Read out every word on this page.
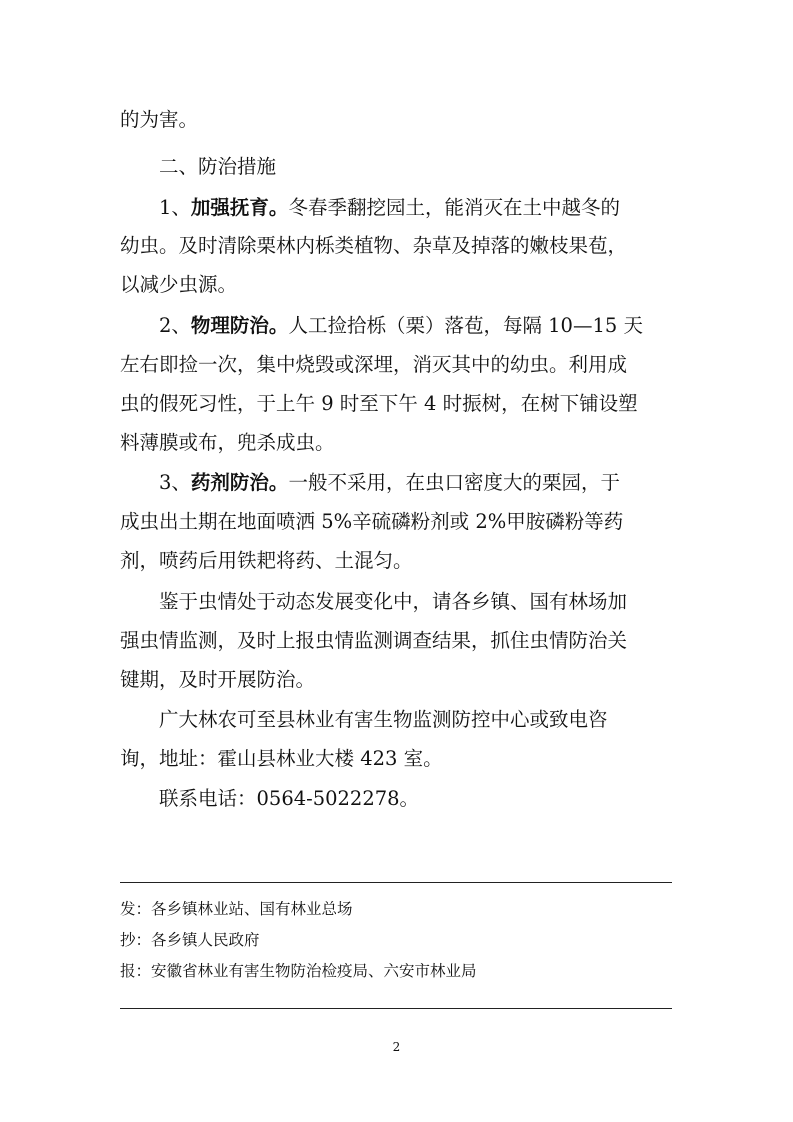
的为害。
二、防治措施
1、加强抚育。冬春季翻挖园土，能消灭在土中越冬的
幼虫。及时清除栗林内栎类植物、杂草及掉落的嫩枝果苞，
以减少虫源。
2、物理防治。人工捡拾栎（栗）落苞，每隔 10—15 天
左右即捡一次，集中烧毁或深埋，消灭其中的幼虫。利用成
虫的假死习性，于上午 9 时至下午 4 时振树，在树下铺设塑
料薄膜或布，兜杀成虫。
3、药剂防治。一般不采用，在虫口密度大的栗园，于
成虫出土期在地面喷洒 5%辛硫磷粉剂或 2%甲胺磷粉等药
剂，喷药后用铁耙将药、土混匀。
鉴于虫情处于动态发展变化中，请各乡镇、国有林场加
强虫情监测，及时上报虫情监测调查结果，抓住虫情防治关
键期，及时开展防治。
广大林农可至县林业有害生物监测防控中心或致电咨
询，地址：霍山县林业大楼 423 室。
联系电话：0564-5022278。
发：各乡镇林业站、国有林业总场
抄：各乡镇人民政府
报：安徽省林业有害生物防治检疫局、六安市林业局
2
